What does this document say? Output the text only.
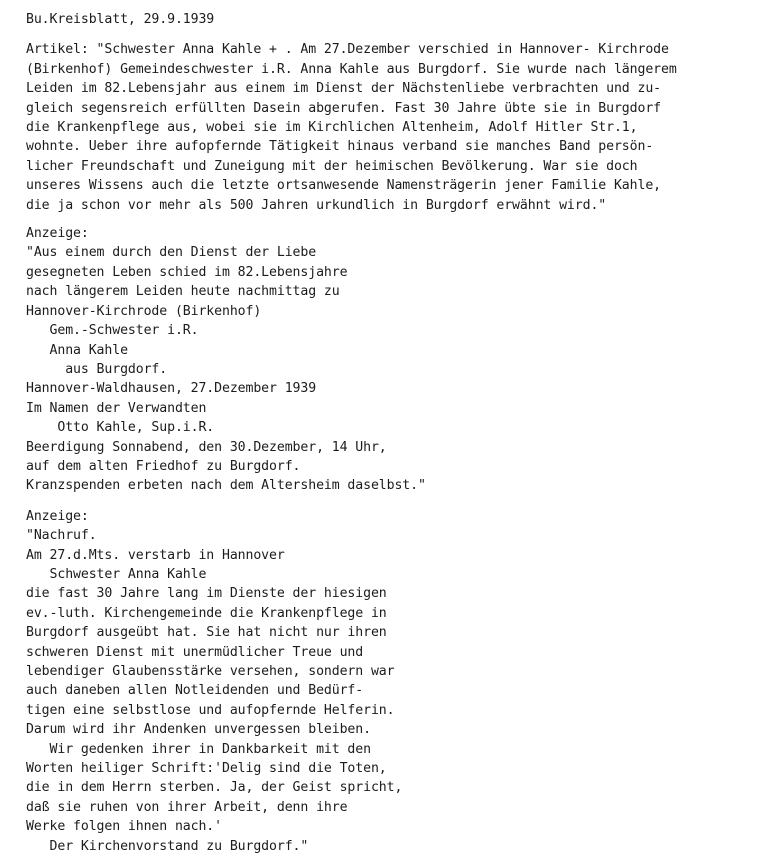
Bu.Kreisblatt, 29.9.1939
Artikel: "Schwester Anna Kahle + . Am 27.Dezember verschied in Hannover- Kirchrode
(Birkenhof) Gemeindeschwester i.R. Anna Kahle aus Burgdorf. Sie wurde nach längerem
Leiden im 82.Lebensjahr aus einem im Dienst der Nächstenliebe verbrachten und zu-
gleich segensreich erfüllten Dasein abgerufen. Fast 30 Jahre übte sie in Burgdorf
die Krankenpflege aus, wobei sie im Kirchlichen Altenheim, Adolf Hitler Str.1,
wohnte. Ueber ihre aufopfernde Tätigkeit hinaus verband sie manches Band persön-
licher Freundschaft und Zuneigung mit der heimischen Bevölkerung. War sie doch
unseres Wissens auch die letzte ortsanwesende Namensträgerin jener Familie Kahle,
die ja schon vor mehr als 500 Jahren urkundlich in Burgdorf erwähnt wird."
Anzeige:
"Aus einem durch den Dienst der Liebe
gesegneten Leben schied im 82.Lebensjahre
nach längerem Leiden heute nachmittag zu
Hannover-Kirchrode (Birkenhof)
Gem.-Schwester i.R.
Anna Kahle
aus Burgdorf.
Hannover-Waldhausen, 27.Dezember 1939
Im Namen der Verwandten
Otto Kahle, Sup.i.R.
Beerdigung Sonnabend, den 30.Dezember, 14 Uhr,
auf dem alten Friedhof zu Burgdorf.
Kranzspenden erbeten nach dem Altersheim daselbst."
Anzeige:
"Nachruf.
Am 27.d.Mts. verstarb in Hannover
Schwester Anna Kahle
die fast 30 Jahre lang im Dienste der hiesigen
ev.-luth. Kirchengemeinde die Krankenpflege in
Burgdorf ausgeübt hat. Sie hat nicht nur ihren
schweren Dienst mit unermüdlicher Treue und
lebendiger Glaubensstärke versehen, sondern war
auch daneben allen Notleidenden und Bedürf-
tigen eine selbstlose und aufopfernde Helferin.
Darum wird ihr Andenken unvergessen bleiben.
Wir gedenken ihrer in Dankbarkeit mit den
Worten heiliger Schrift:'Delig sind die Toten,
die in dem Herrn sterben. Ja, der Geist spricht,
daß sie ruhen von ihrer Arbeit, denn ihre
Werke folgen ihnen nach.'
Der Kirchenvorstand zu Burgdorf."
